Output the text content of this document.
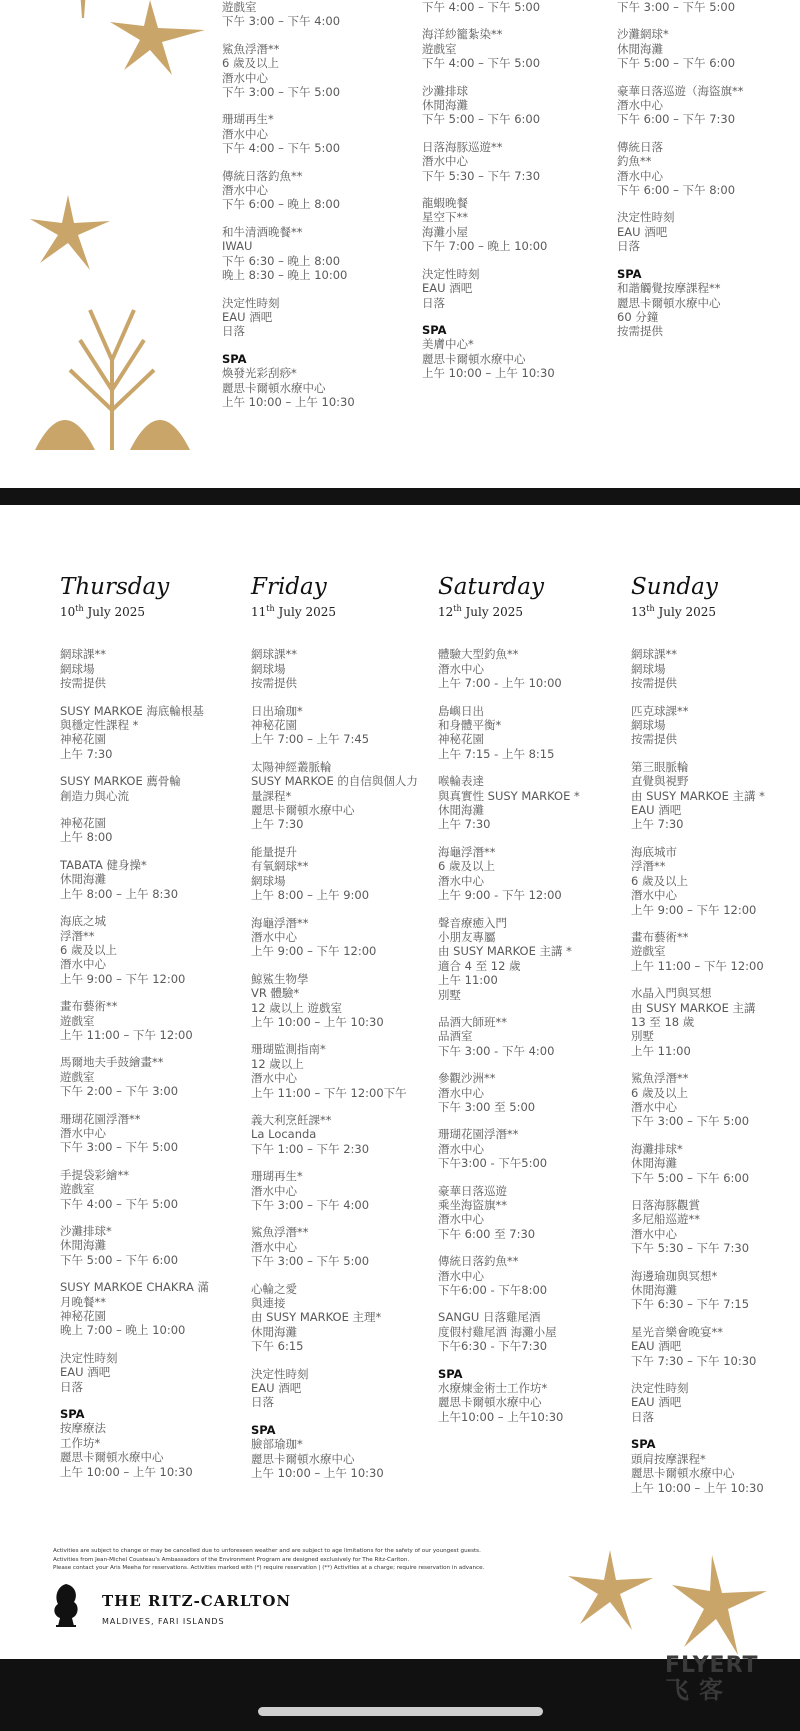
遊戲室
下午 3:00 – 下午 4:00
鯊魚浮潛**
6 歲及以上
潛水中心
下午 3:00 – 下午 5:00
珊瑚再生*
潛水中心
下午 4:00 – 下午 5:00
傳統日落釣魚**
潛水中心
下午 6:00 – 晚上 8:00
和牛清酒晚餐**
IWAU
下午 6:30 – 晚上 8:00
晚上 8:30 – 晚上 10:00
決定性時刻
EAU 酒吧
日落
SPA
煥發光彩刮痧*
麗思卡爾頓水療中心
上午 10:00 – 上午 10:30
下午 4:00 – 下午 5:00
海洋紗籠紮染**
遊戲室
下午 4:00 – 下午 5:00
沙灘排球
休閒海灘
下午 5:00 – 下午 6:00
日落海豚巡遊**
潛水中心
下午 5:30 – 下午 7:30
龍蝦晚餐
星空下**
海灘小屋
下午 7:00 – 晚上 10:00
決定性時刻
EAU 酒吧
日落
SPA
美膚中心*
麗思卡爾頓水療中心
上午 10:00 – 上午 10:30
下午 3:00 – 下午 5:00
沙灘網球*
休閒海灘
下午 5:00 – 下午 6:00
豪華日落巡遊（海盜旗**
潛水中心
下午 6:00 – 下午 7:30
傳統日落
釣魚**
潛水中心
下午 6:00 – 下午 8:00
決定性時刻
EAU 酒吧
日落
SPA
和諧觸覺按摩課程**
麗思卡爾頓水療中心
60 分鐘
按需提供
Thursday
10th July 2025
網球課**
網球場
按需提供
SUSY MARKOE 海底輪根基
與穩定性課程 *
神秘花園
上午 7:30
SUSY MARKOE 薦骨輪
創造力與心流
神秘花園
上午 8:00
TABATA 健身操*
休閒海灘
上午 8:00 – 上午 8:30
海底之城
浮潛**
6 歲及以上
潛水中心
上午 9:00 – 下午 12:00
畫布藝術**
遊戲室
上午 11:00 – 下午 12:00
馬爾地夫手鼓繪畫**
遊戲室
下午 2:00 – 下午 3:00
珊瑚花園浮潛**
潛水中心
下午 3:00 – 下午 5:00
手提袋彩繪**
遊戲室
下午 4:00 – 下午 5:00
沙灘排球*
休閒海灘
下午 5:00 – 下午 6:00
SUSY MARKOE CHAKRA 滿
月晚餐**
神秘花園
晚上 7:00 – 晚上 10:00
決定性時刻
EAU 酒吧
日落
SPA
按摩療法
工作坊*
麗思卡爾頓水療中心
上午 10:00 – 上午 10:30
Friday
11th July 2025
網球課**
網球場
按需提供
日出瑜珈*
神秘花園
上午 7:00 – 上午 7:45
太陽神經叢脈輪
SUSY MARKOE 的自信與個人力
量課程*
麗思卡爾頓水療中心
上午 7:30
能量提升
有氧網球**
網球場
上午 8:00 – 上午 9:00
海龜浮潛**
潛水中心
上午 9:00 – 下午 12:00
鯨鯊生物學
VR 體驗*
12 歲以上 遊戲室
上午 10:00 – 上午 10:30
珊瑚監測指南*
12 歲以上
潛水中心
上午 11:00 – 下午 12:00下午
義大利烹飪課**
La Locanda
下午 1:00 – 下午 2:30
珊瑚再生*
潛水中心
下午 3:00 – 下午 4:00
鯊魚浮潛**
潛水中心
下午 3:00 – 下午 5:00
心輪之愛
與連接
由 SUSY MARKOE 主理*
休閒海灘
下午 6:15
決定性時刻
EAU 酒吧
日落
SPA
臉部瑜珈*
麗思卡爾頓水療中心
上午 10:00 – 上午 10:30
Saturday
12th July 2025
體驗大型釣魚**
潛水中心
上午 7:00 - 上午 10:00
島嶼日出
和身體平衡*
神秘花園
上午 7:15 - 上午 8:15
喉輪表達
與真實性 SUSY MARKOE *
休閒海灘
上午 7:30
海龜浮潛**
6 歲及以上
潛水中心
上午 9:00 - 下午 12:00
聲音療癒入門
小朋友專屬
由 SUSY MARKOE 主講 *
適合 4 至 12 歲
上午 11:00
別墅
品酒大師班**
品酒室
下午 3:00 - 下午 4:00
參觀沙洲**
潛水中心
下午 3:00 至 5:00
珊瑚花園浮潛**
潛水中心
下午3:00 - 下午5:00
豪華日落巡遊
乘坐海盜旗**
潛水中心
下午 6:00 至 7:30
傳統日落釣魚**
潛水中心
下午6:00 - 下午8:00
SANGU 日落雞尾酒
度假村雞尾酒 海灘小屋
下午6:30 - 下午7:30
SPA
水療煉金術士工作坊*
麗思卡爾頓水療中心
上午10:00 – 上午10:30
Sunday
13th July 2025
網球課**
網球場
按需提供
匹克球課**
網球場
按需提供
第三眼脈輪
直覺與視野
由 SUSY MARKOE 主講 *
EAU 酒吧
上午 7:30
海底城市
浮潛**
6 歲及以上
潛水中心
上午 9:00 – 下午 12:00
畫布藝術**
遊戲室
上午 11:00 – 下午 12:00
水晶入門與冥想
由 SUSY MARKOE 主講
13 至 18 歲
別墅
上午 11:00
鯊魚浮潛**
6 歲及以上
潛水中心
下午 3:00 – 下午 5:00
海灘排球*
休閒海灘
下午 5:00 – 下午 6:00
日落海豚觀賞
多尼船巡遊**
潛水中心
下午 5:30 – 下午 7:30
海邊瑜珈與冥想*
休閒海灘
下午 6:30 – 下午 7:15
星光音樂會晚宴**
EAU 酒吧
下午 7:30 – 下午 10:30
決定性時刻
EAU 酒吧
日落
SPA
頭肩按摩課程*
麗思卡爾頓水療中心
上午 10:00 – 上午 10:30
Activities are subject to change or may be cancelled due to unforeseen weather and are subject to age limitations for the safety of our youngest guests.
Activities from Jean-Michel Cousteau's Ambassadors of the Environment Program are designed exclusively for The Ritz-Carlton.
Please contact your Aris Meeha for reservations. Activities marked with (*) require reservation | (**) Activities at a charge; require reservation in advance.
THE RITZ-CARLTON
MALDIVES, FARI ISLANDS
FLYERT
飞客
